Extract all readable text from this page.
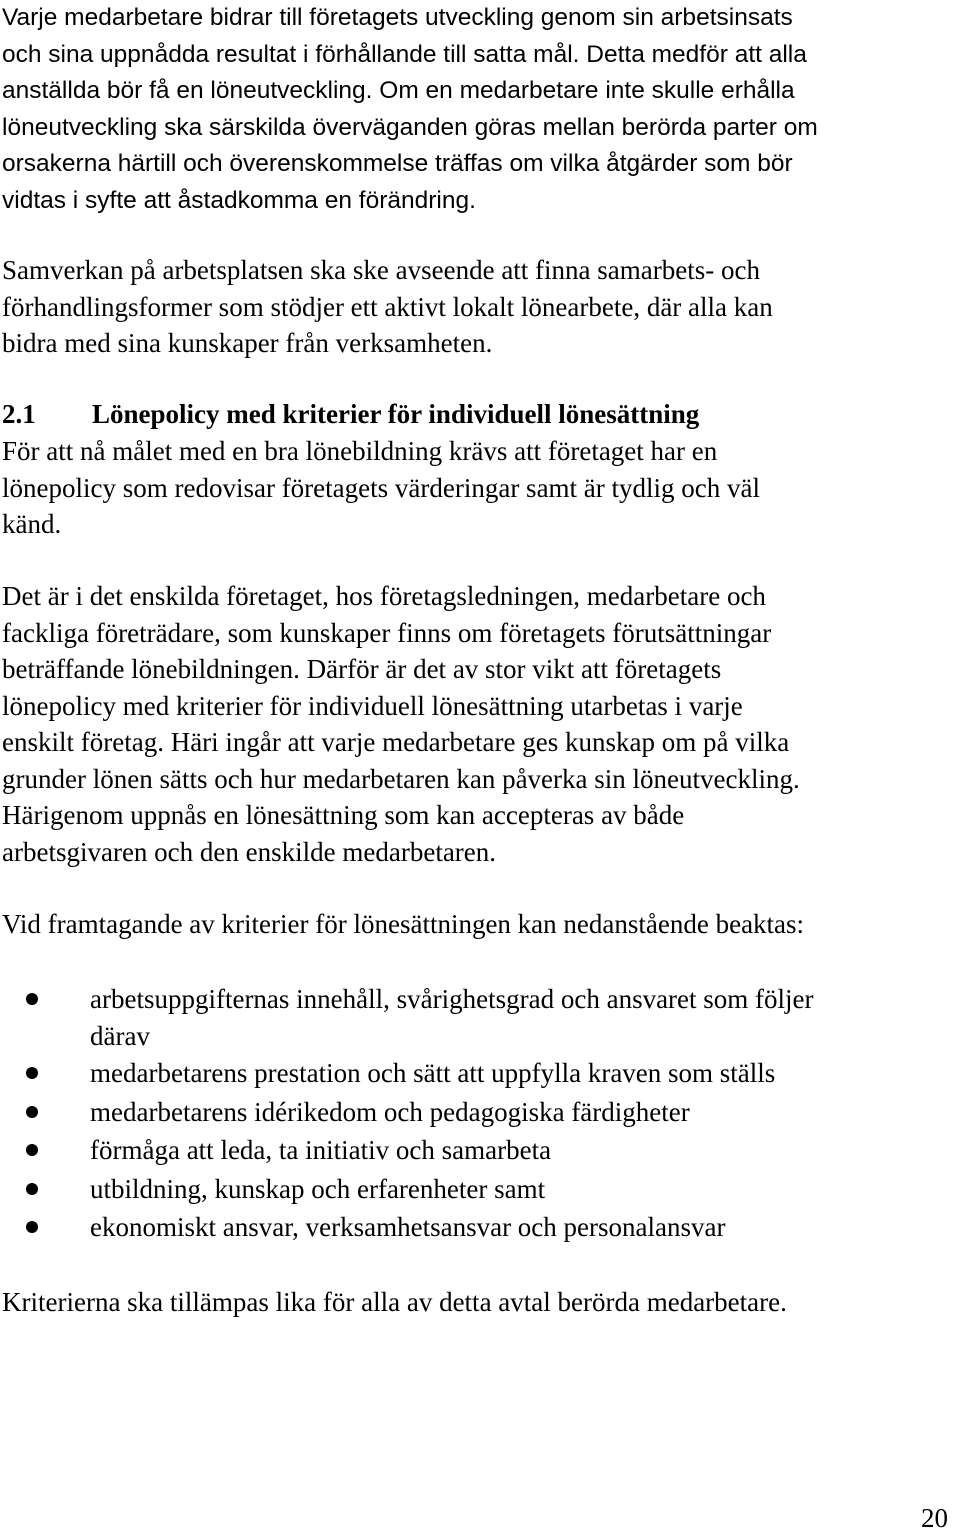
Varje medarbetare bidrar till företagets utveckling genom sin arbetsinsats
och sina uppnådda resultat i förhållande till satta mål. Detta medför att alla
anställda bör få en löneutveckling. Om en medarbetare inte skulle erhålla
löneutveckling ska särskilda överväganden göras mellan berörda parter om
orsakerna härtill och överenskommelse träffas om vilka åtgärder som bör
vidtas i syfte att åstadkomma en förändring.

Samverkan på arbetsplatsen ska ske avseende att finna samarbets- och
förhandlingsformer som stödjer ett aktivt lokalt lönearbete, där alla kan
bidra med sina kunskaper från verksamheten.

2.1 Lönepolicy med kriterier för individuell lönesättning

För att nå målet med en bra lönebildning krävs att företaget har en
lönepolicy som redovisar företagets värderingar samt är tydlig och väl
känd.

Det är i det enskilda företaget, hos företagsledningen, medarbetare och
fackliga företrädare, som kunskaper finns om företagets förutsättningar
beträffande lönebildningen. Därför är det av stor vikt att företagets
lönepolicy med kriterier för individuell lönesättning utarbetas i varje
enskilt företag. Häri ingår att varje medarbetare ges kunskap om på vilka
grunder lönen sätts och hur medarbetaren kan påverka sin löneutveckling.
Härigenom uppnås en lönesättning som kan accepteras av både
arbetsgivaren och den enskilde medarbetaren.

Vid framtagande av kriterier för lönesättningen kan nedanstående beaktas:

arbetsuppgifternas innehåll, svårighetsgrad och ansvaret som följer
därav
medarbetarens prestation och sätt att uppfylla kraven som ställs
medarbetarens idérikedom och pedagogiska färdigheter
förmåga att leda, ta initiativ och samarbeta
utbildning, kunskap och erfarenheter samt
ekonomiskt ansvar, verksamhetsansvar och personalansvar

Kriterierna ska tillämpas lika för alla av detta avtal berörda medarbetare.

20
